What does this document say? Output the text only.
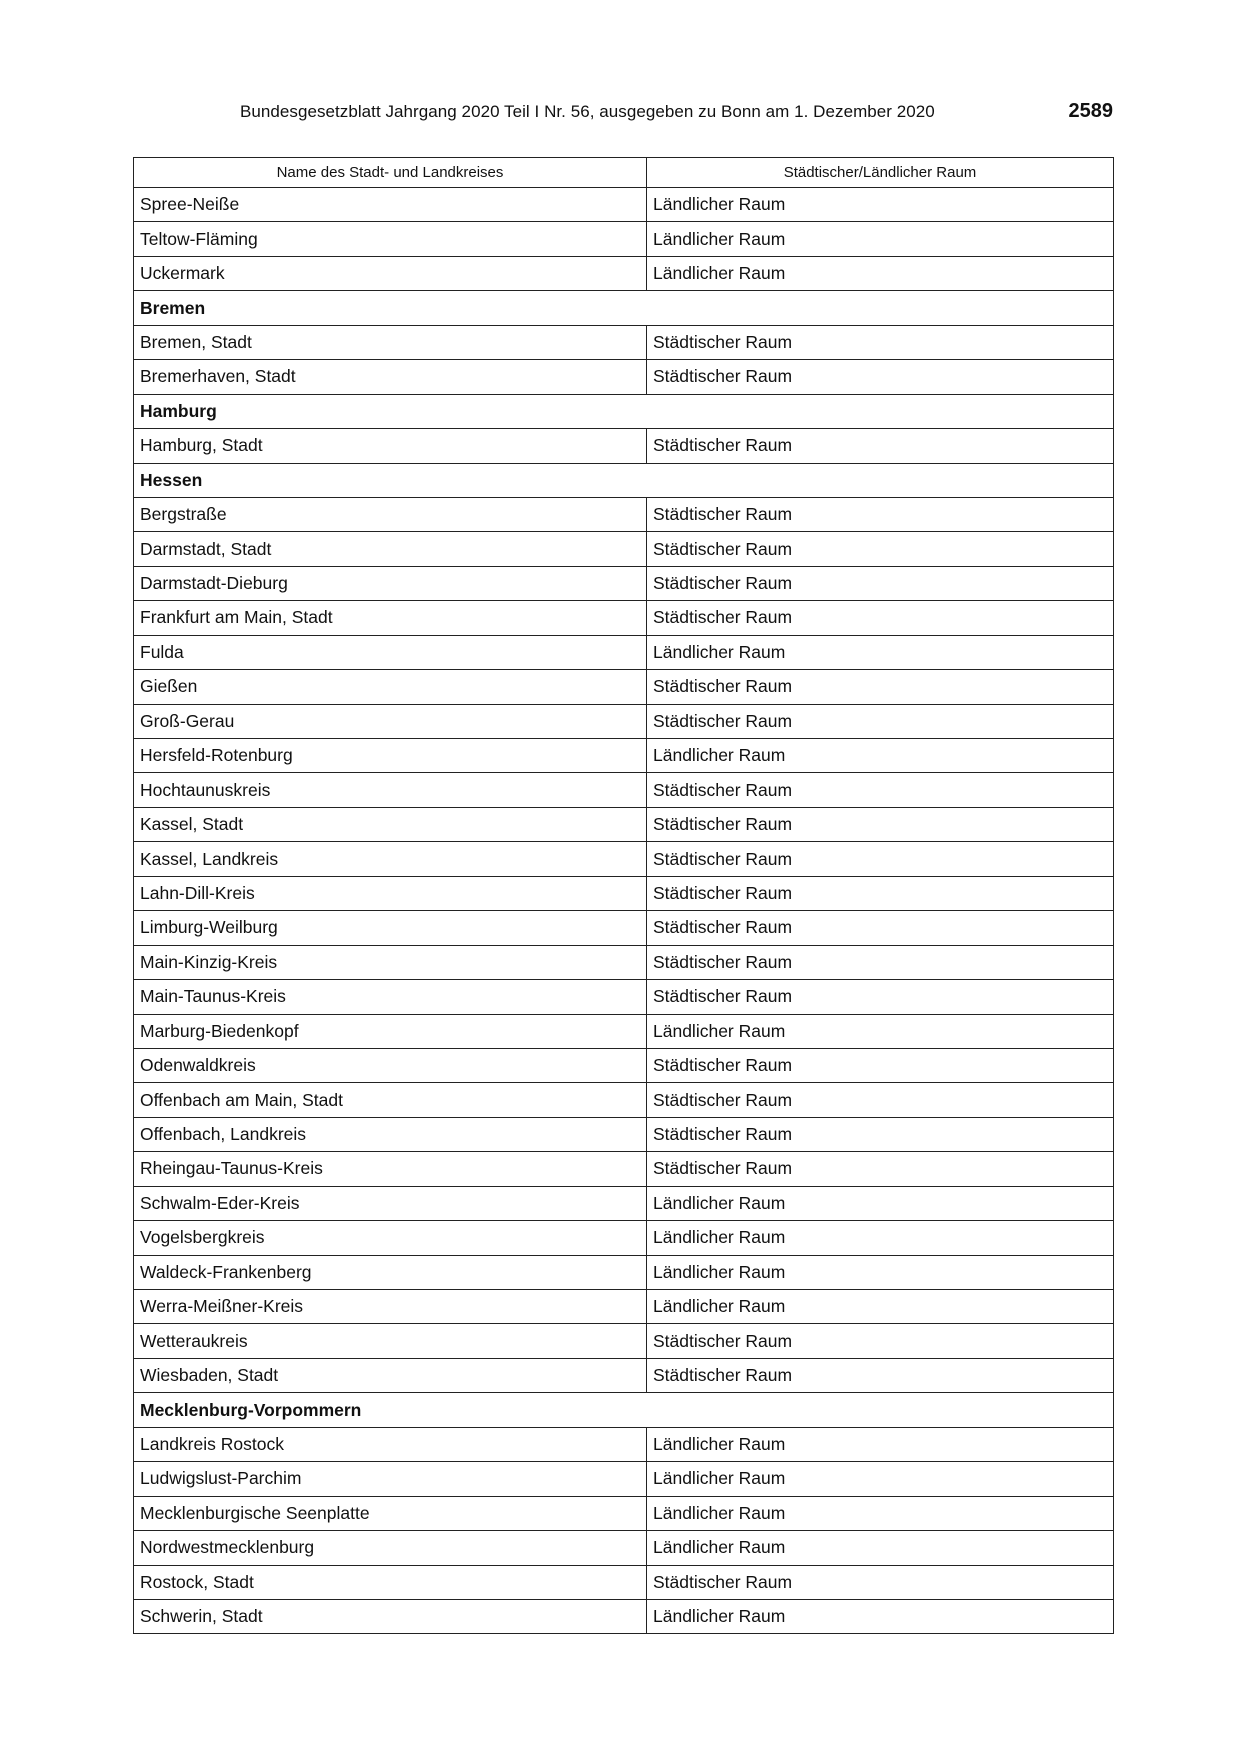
Bundesgesetzblatt Jahrgang 2020 Teil I Nr. 56, ausgegeben zu Bonn am 1. Dezember 2020	2589
Name des Stadt- und Landkreises	Städtischer/Ländlicher Raum
Spree-Neiße	Ländlicher Raum
Teltow-Fläming	Ländlicher Raum
Uckermark	Ländlicher Raum
Bremen	
Bremen, Stadt	Städtischer Raum
Bremerhaven, Stadt	Städtischer Raum
Hamburg	
Hamburg, Stadt	Städtischer Raum
Hessen	
Bergstraße	Städtischer Raum
Darmstadt, Stadt	Städtischer Raum
Darmstadt-Dieburg	Städtischer Raum
Frankfurt am Main, Stadt	Städtischer Raum
Fulda	Ländlicher Raum
Gießen	Städtischer Raum
Groß-Gerau	Städtischer Raum
Hersfeld-Rotenburg	Ländlicher Raum
Hochtaunuskreis	Städtischer Raum
Kassel, Stadt	Städtischer Raum
Kassel, Landkreis	Städtischer Raum
Lahn-Dill-Kreis	Städtischer Raum
Limburg-Weilburg	Städtischer Raum
Main-Kinzig-Kreis	Städtischer Raum
Main-Taunus-Kreis	Städtischer Raum
Marburg-Biedenkopf	Ländlicher Raum
Odenwaldkreis	Städtischer Raum
Offenbach am Main, Stadt	Städtischer Raum
Offenbach, Landkreis	Städtischer Raum
Rheingau-Taunus-Kreis	Städtischer Raum
Schwalm-Eder-Kreis	Ländlicher Raum
Vogelsbergkreis	Ländlicher Raum
Waldeck-Frankenberg	Ländlicher Raum
Werra-Meißner-Kreis	Ländlicher Raum
Wetteraukreis	Städtischer Raum
Wiesbaden, Stadt	Städtischer Raum
Mecklenburg-Vorpommern	
Landkreis Rostock	Ländlicher Raum
Ludwigslust-Parchim	Ländlicher Raum
Mecklenburgische Seenplatte	Ländlicher Raum
Nordwestmecklenburg	Ländlicher Raum
Rostock, Stadt	Städtischer Raum
Schwerin, Stadt	Ländlicher Raum
